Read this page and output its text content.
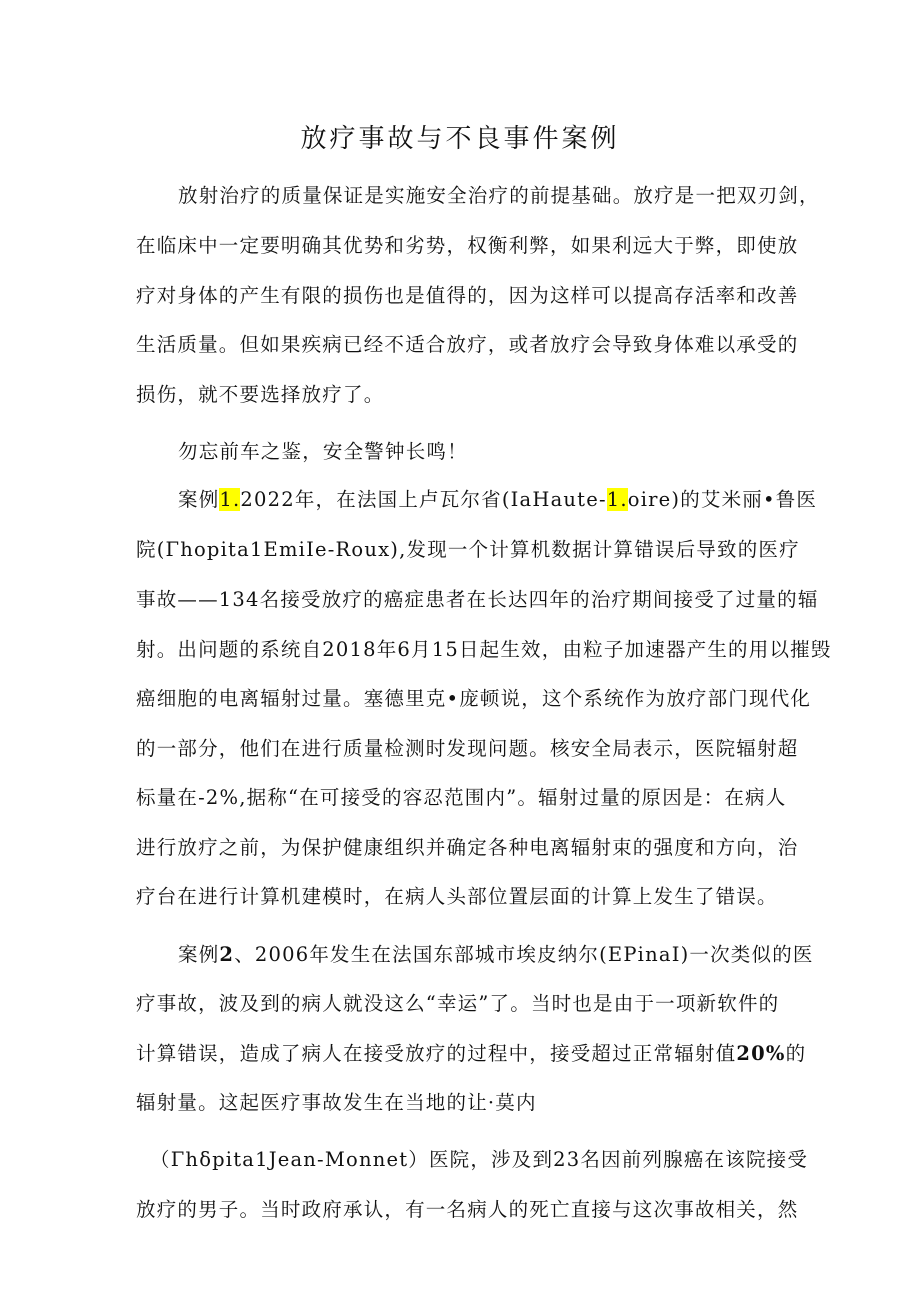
放疗事故与不良事件案例

放射治疗的质量保证是实施安全治疗的前提基础。放疗是一把双刃剑，

在临床中一定要明确其优势和劣势，权衡利弊，如果利远大于弊，即使放

疗对身体的产生有限的损伤也是值得的，因为这样可以提高存活率和改善

生活质量。但如果疾病已经不适合放疗，或者放疗会导致身体难以承受的

损伤，就不要选择放疗了。

勿忘前车之鉴，安全警钟长鸣！

案例1.2022年，在法国上卢瓦尔省(IaHaute-1.oire)的艾米丽•鲁医

院(Γhopita1EmiIe-Roux),发现一个计算机数据计算错误后导致的医疗

事故——134名接受放疗的癌症患者在长达四年的治疗期间接受了过量的辐

射。出问题的系统自2018年6月15日起生效，由粒子加速器产生的用以摧毁

癌细胞的电离辐射过量。塞德里克•庞顿说，这个系统作为放疗部门现代化

的一部分，他们在进行质量检测时发现问题。核安全局表示，医院辐射超

标量在-2%,据称“在可接受的容忍范围内”。辐射过量的原因是：在病人

进行放疗之前，为保护健康组织并确定各种电离辐射束的强度和方向，治

疗台在进行计算机建模时，在病人头部位置层面的计算上发生了错误。

案例2、2006年发生在法国东部城市埃皮纳尔(EPinaI)一次类似的医

疗事故，波及到的病人就没这么“幸运”了。当时也是由于一项新软件的

计算错误，造成了病人在接受放疗的过程中，接受超过正常辐射值20%的

辐射量。这起医疗事故发生在当地的让·莫内

（Γhδpita1Jean-Monnet）医院，涉及到23名因前列腺癌在该院接受

放疗的男子。当时政府承认，有一名病人的死亡直接与这次事故相关，然
